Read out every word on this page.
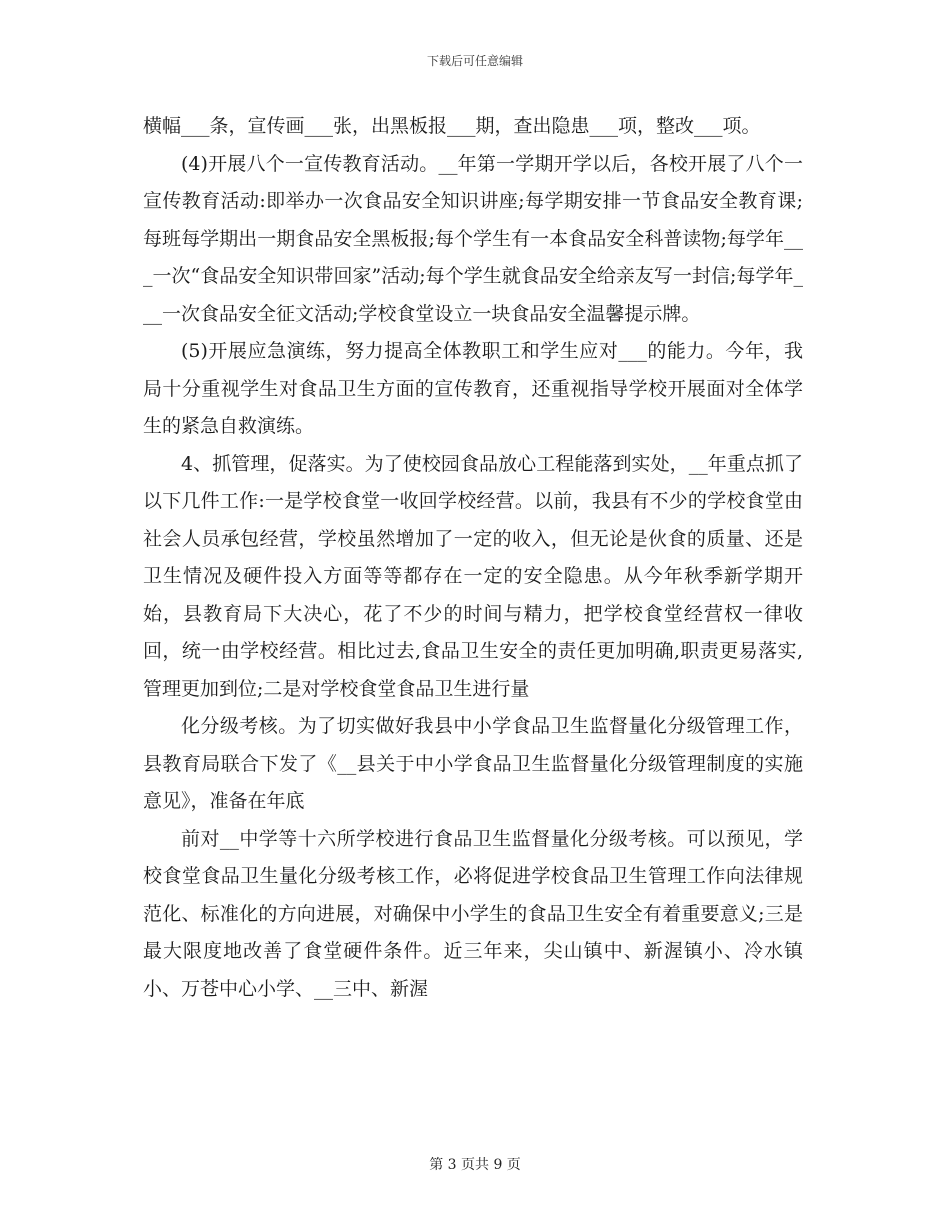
下载后可任意编辑

横幅___条，宣传画___张，出黑板报___期，查出隐患___项，整改___项。

(4)开展八个一宣传教育活动。__年第一学期开学以后，各校开展了八个一宣传教育活动:即举办一次食品安全知识讲座;每学期安排一节食品安全教育课;每班每学期出一期食品安全黑板报;每个学生有一本食品安全科普读物;每学年___一次“食品安全知识带回家”活动;每个学生就食品安全给亲友写一封信;每学年___一次食品安全征文活动;学校食堂设立一块食品安全温馨提示牌。

(5)开展应急演练，努力提高全体教职工和学生应对___的能力。今年，我局十分重视学生对食品卫生方面的宣传教育，还重视指导学校开展面对全体学生的紧急自救演练。

4、抓管理，促落实。为了使校园食品放心工程能落到实处，__年重点抓了以下几件工作:一是学校食堂一收回学校经营。以前，我县有不少的学校食堂由社会人员承包经营，学校虽然增加了一定的收入，但无论是伙食的质量、还是卫生情况及硬件投入方面等等都存在一定的安全隐患。从今年秋季新学期开始，县教育局下大决心，花了不少的时间与精力，把学校食堂经营权一律收回，统一由学校经营。相比过去,食品卫生安全的责任更加明确,职责更易落实,管理更加到位;二是对学校食堂食品卫生进行量

化分级考核。为了切实做好我县中小学食品卫生监督量化分级管理工作，县教育局联合下发了《__县关于中小学食品卫生监督量化分级管理制度的实施意见》，准备在年底

前对__中学等十六所学校进行食品卫生监督量化分级考核。可以预见，学校食堂食品卫生量化分级考核工作，必将促进学校食品卫生管理工作向法律规范化、标准化的方向进展，对确保中小学生的食品卫生安全有着重要意义;三是最大限度地改善了食堂硬件条件。近三年来，尖山镇中、新渥镇小、冷水镇小、万苍中心小学、__三中、新渥

第 3 页共 9 页
